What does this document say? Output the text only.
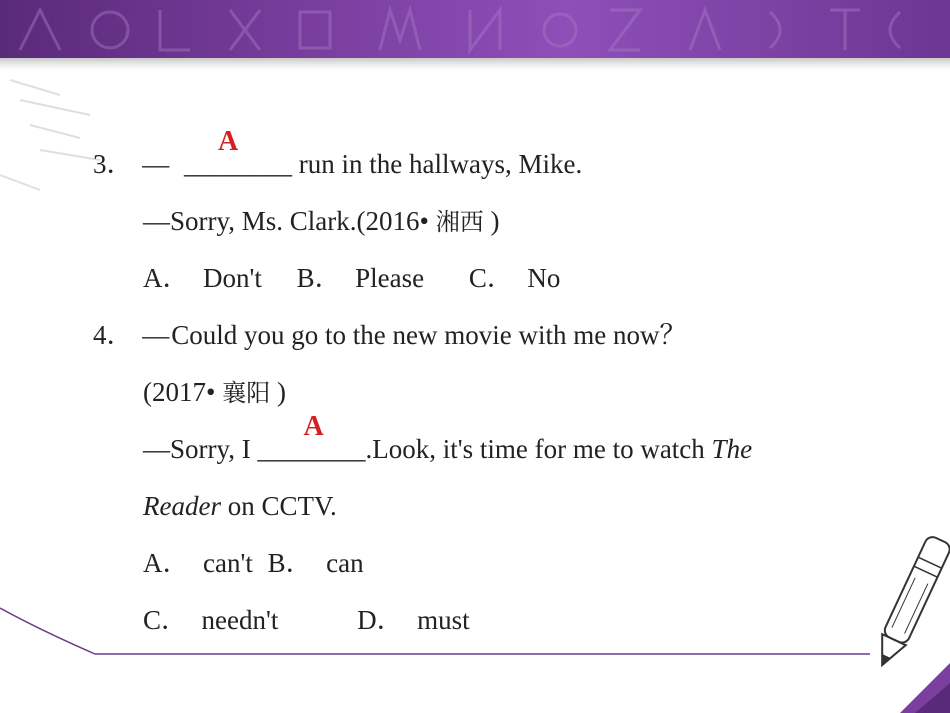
3． — ________
A
run in the hallways, Mike.
—Sorry, Ms. Clark.(2016• 湘西 )
A． Don't B． Please C． No
4． —Could you go to the new movie with me now？
(2017• 襄阳 )
—Sorry, I ________
A
.Look, it's time for me to watch The
Reader on CCTV.
A． can't B． can
C． needn't	D． must
